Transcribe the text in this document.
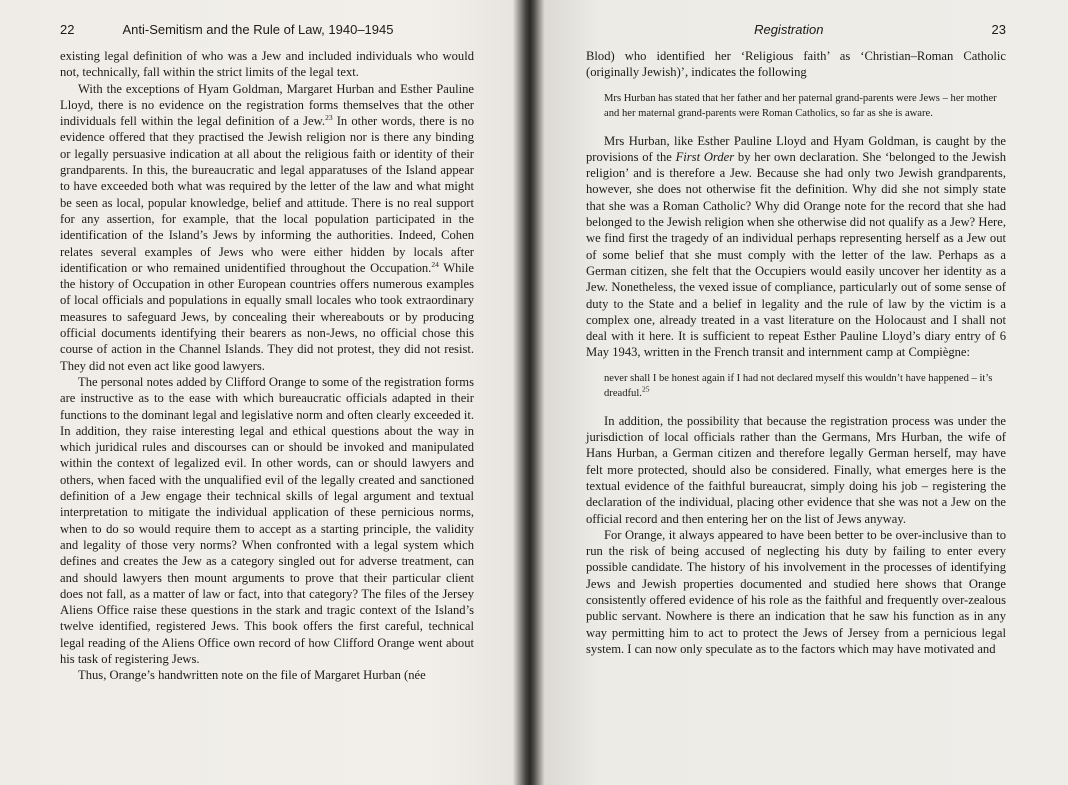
22	Anti-Semitism and the Rule of Law, 1940–1945

existing legal definition of who was a Jew and included individuals who would not, technically, fall within the strict limits of the legal text.

With the exceptions of Hyam Goldman, Margaret Hurban and Esther Pauline Lloyd, there is no evidence on the registration forms themselves that the other individuals fell within the legal definition of a Jew.$^{23}$ In other words, there is no evidence offered that they practised the Jewish religion nor is there any binding or legally persuasive indication at all about the religious faith or identity of their grandparents. In this, the bureaucratic and legal apparatuses of the Island appear to have exceeded both what was required by the letter of the law and what might be seen as local, popular knowledge, belief and attitude. There is no real support for any assertion, for example, that the local population participated in the identification of the Island’s Jews by informing the authorities. Indeed, Cohen relates several examples of Jews who were either hidden by locals after identification or who remained unidentified throughout the Occupation.$^{24}$ While the history of Occupation in other European countries offers numerous examples of local officials and populations in equally small locales who took extraordinary measures to safeguard Jews, by concealing their whereabouts or by producing official documents identifying their bearers as non-Jews, no official chose this course of action in the Channel Islands. They did not protest, they did not resist. They did not even act like good lawyers.

The personal notes added by Clifford Orange to some of the registration forms are instructive as to the ease with which bureaucratic officials adapted in their functions to the dominant legal and legislative norm and often clearly exceeded it. In addition, they raise interesting legal and ethical questions about the way in which juridical rules and discourses can or should be invoked and manipulated within the context of legalized evil. In other words, can or should lawyers and others, when faced with the unqualified evil of the legally created and sanctioned definition of a Jew engage their technical skills of legal argument and textual interpretation to mitigate the individual application of these pernicious norms, when to do so would require them to accept as a starting principle, the validity and legality of those very norms? When confronted with a legal system which defines and creates the Jew as a category singled out for adverse treatment, can and should lawyers then mount arguments to prove that their particular client does not fall, as a matter of law or fact, into that category? The files of the Jersey Aliens Office raise these questions in the stark and tragic context of the Island’s twelve identified, registered Jews. This book offers the first careful, technical legal reading of the Aliens Office own record of how Clifford Orange went about his task of registering Jews.

Thus, Orange’s handwritten note on the file of Margaret Hurban (née

Registration	23

Blod) who identified her ‘Religious faith’ as ‘Christian–Roman Catholic (originally Jewish)’, indicates the following

Mrs Hurban has stated that her father and her paternal grand-parents were Jews – her mother and her maternal grand-parents were Roman Catholics, so far as she is aware.

Mrs Hurban, like Esther Pauline Lloyd and Hyam Goldman, is caught by the provisions of the First Order by her own declaration. She ‘belonged to the Jewish religion’ and is therefore a Jew. Because she had only two Jewish grandparents, however, she does not otherwise fit the definition. Why did she not simply state that she was a Roman Catholic? Why did Orange note for the record that she had belonged to the Jewish religion when she otherwise did not qualify as a Jew? Here, we find first the tragedy of an individual perhaps representing herself as a Jew out of some belief that she must comply with the letter of the law. Perhaps as a German citizen, she felt that the Occupiers would easily uncover her identity as a Jew. Nonetheless, the vexed issue of compliance, particularly out of some sense of duty to the State and a belief in legality and the rule of law by the victim is a complex one, already treated in a vast literature on the Holocaust and I shall not deal with it here. It is sufficient to repeat Esther Pauline Lloyd’s diary entry of 6 May 1943, written in the French transit and internment camp at Compiègne:

never shall I be honest again if I had not declared myself this wouldn’t have happened – it’s dreadful.$^{25}$

In addition, the possibility that because the registration process was under the jurisdiction of local officials rather than the Germans, Mrs Hurban, the wife of Hans Hurban, a German citizen and therefore legally German herself, may have felt more protected, should also be considered. Finally, what emerges here is the textual evidence of the faithful bureaucrat, simply doing his job – registering the declaration of the individual, placing other evidence that she was not a Jew on the official record and then entering her on the list of Jews anyway.

For Orange, it always appeared to have been better to be over-inclusive than to run the risk of being accused of neglecting his duty by failing to enter every possible candidate. The history of his involvement in the processes of identifying Jews and Jewish properties documented and studied here shows that Orange consistently offered evidence of his role as the faithful and frequently over-zealous public servant. Nowhere is there an indication that he saw his function as in any way permitting him to act to protect the Jews of Jersey from a pernicious legal system. I can now only speculate as to the factors which may have motivated and
